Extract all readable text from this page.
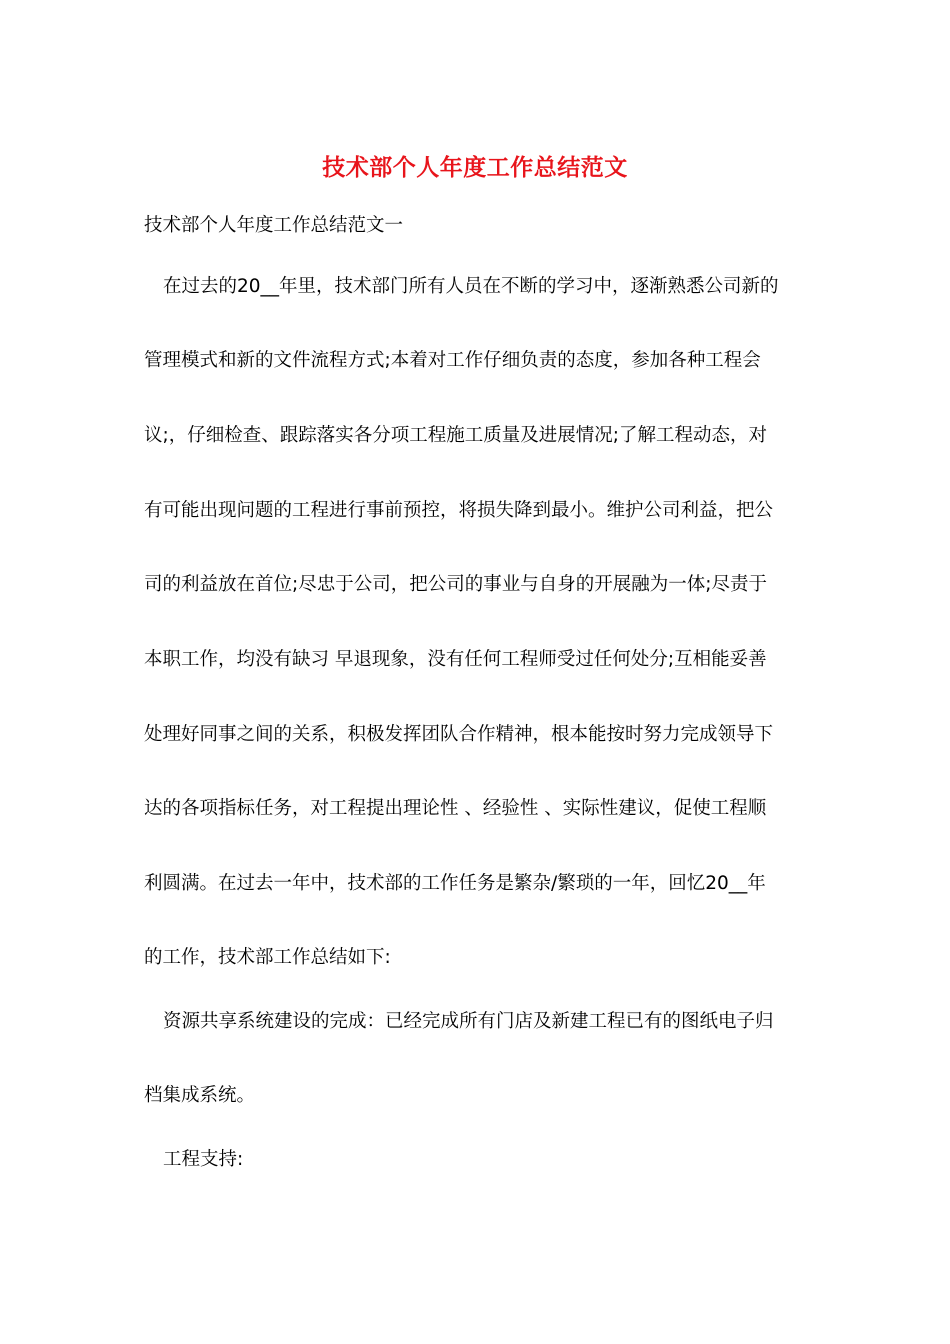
技术部个人年度工作总结范文
技术部个人年度工作总结范文一
在过去的20__年里，技术部门所有人员在不断的学习中，逐渐熟悉公司新的
管理模式和新的文件流程方式;本着对工作仔细负责的态度，参加各种工程会
议;，仔细检查、跟踪落实各分项工程施工质量及进展情况;了解工程动态，对
有可能出现问题的工程进行事前预控，将损失降到最小。维护公司利益，把公
司的利益放在首位;尽忠于公司，把公司的事业与自身的开展融为一体;尽责于
本职工作，均没有缺习 早退现象，没有任何工程师受过任何处分;互相能妥善
处理好同事之间的关系，积极发挥团队合作精神，根本能按时努力完成领导下
达的各项指标任务，对工程提出理论性 、经验性 、实际性建议，促使工程顺
利圆满。在过去一年中，技术部的工作任务是繁杂/繁琐的一年，回忆20__年
的工作，技术部工作总结如下:
资源共享系统建设的完成：已经完成所有门店及新建工程已有的图纸电子归
档集成系统。
工程支持:
